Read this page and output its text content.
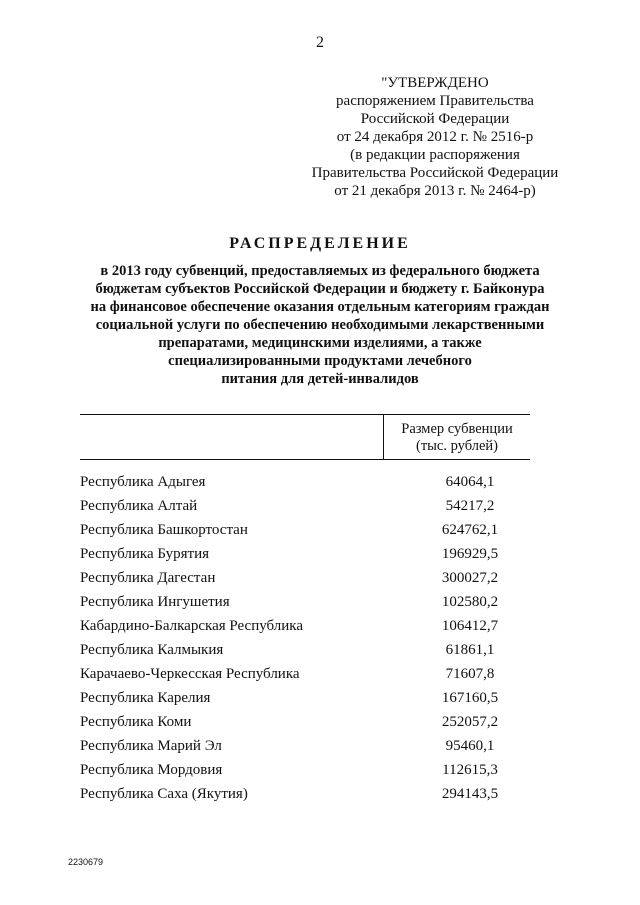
2
"УТВЕРЖДЕНО
распоряжением Правительства
Российской Федерации
от 24 декабря 2012 г. № 2516-р
(в редакции распоряжения
Правительства Российской Федерации
от 21 декабря 2013 г. № 2464-р)
РАСПРЕДЕЛЕНИЕ
в 2013 году субвенций, предоставляемых из федерального бюджета
бюджетам субъектов Российской Федерации и бюджету г. Байконура
на финансовое обеспечение оказания отдельным категориям граждан
социальной услуги по обеспечению необходимыми лекарственными
препаратами, медицинскими изделиями, а также
специализированными продуктами лечебного
питания для детей-инвалидов
Размер субвенции
(тыс. рублей)
Республика Адыгея	64064,1
Республика Алтай	54217,2
Республика Башкортостан	624762,1
Республика Бурятия	196929,5
Республика Дагестан	300027,2
Республика Ингушетия	102580,2
Кабардино-Балкарская Республика	106412,7
Республика Калмыкия	61861,1
Карачаево-Черкесская Республика	71607,8
Республика Карелия	167160,5
Республика Коми	252057,2
Республика Марий Эл	95460,1
Республика Мордовия	112615,3
Республика Саха (Якутия)	294143,5
2230679
